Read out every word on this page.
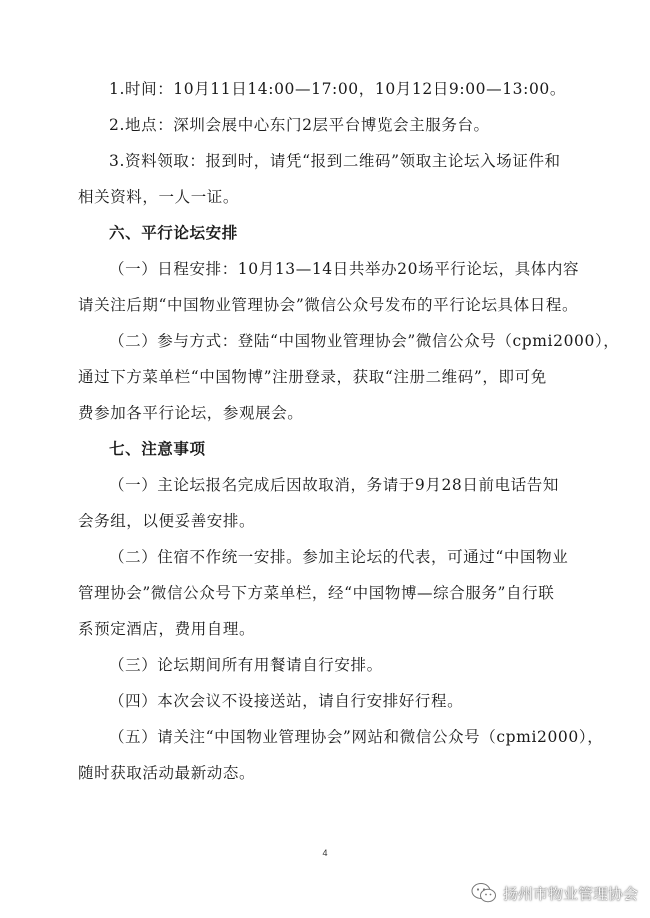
1.时间：10月11日14:00—17:00，10月12日9:00—13:00。
2.地点：深圳会展中心东门2层平台博览会主服务台。
3.资料领取：报到时，请凭“报到二维码”领取主论坛入场证件和
相关资料，一人一证。
六、平行论坛安排
（一）日程安排：10月13—14日共举办20场平行论坛，具体内容
请关注后期“中国物业管理协会”微信公众号发布的平行论坛具体日程。
（二）参与方式：登陆“中国物业管理协会”微信公众号（cpmi2000），
通过下方菜单栏“中国物博”注册登录，获取“注册二维码”，即可免
费参加各平行论坛，参观展会。
七、注意事项
（一）主论坛报名完成后因故取消，务请于9月28日前电话告知
会务组，以便妥善安排。
（二）住宿不作统一安排。参加主论坛的代表，可通过“中国物业
管理协会”微信公众号下方菜单栏，经“中国物博—综合服务”自行联
系预定酒店，费用自理。
（三）论坛期间所有用餐请自行安排。
（四）本次会议不设接送站，请自行安排好行程。
（五）请关注“中国物业管理协会”网站和微信公众号（cpmi2000），
随时获取活动最新动态。
4
扬州市物业管理协会
